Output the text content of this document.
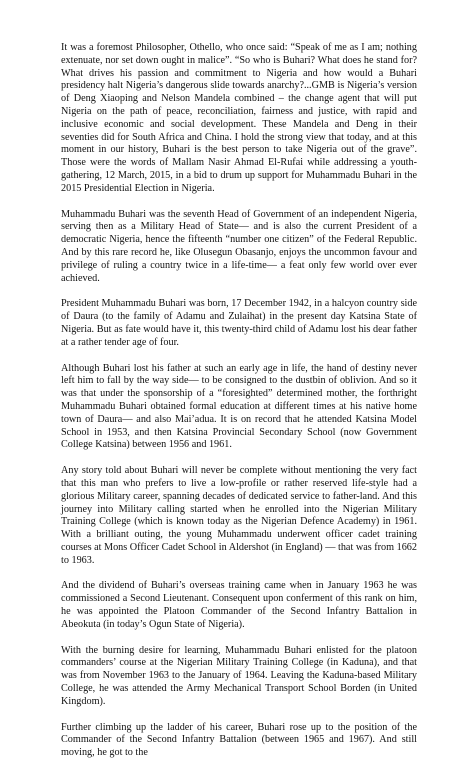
It was a foremost Philosopher, Othello, who once said: “Speak of me as I am; nothing extenuate, nor set down ought in malice”. “So who is Buhari? What does he stand for? What drives his passion and commitment to Nigeria and how would a Buhari presidency halt Nigeria’s dangerous slide towards anarchy?...GMB is Nigeria’s version of Deng Xiaoping and Nelson Mandela combined – the change agent that will put Nigeria on the path of peace, reconciliation, fairness and justice, with rapid and inclusive economic and social development. These Mandela and Deng in their seventies did for South Africa and China. I hold the strong view that today, and at this moment in our history, Buhari is the best person to take Nigeria out of the grave”. Those were the words of Mallam Nasir Ahmad El-Rufai while addressing a youth-gathering, 12 March, 2015, in a bid to drum up support for Muhammadu Buhari in the 2015 Presidential Election in Nigeria.

Muhammadu Buhari was the seventh Head of Government of an independent Nigeria, serving then as a Military Head of State— and is also the current President of a democratic Nigeria, hence the fifteenth “number one citizen” of the Federal Republic. And by this rare record he, like Olusegun Obasanjo, enjoys the uncommon favour and privilege of ruling a country twice in a life-time— a feat only few world over ever achieved.

President Muhammadu Buhari was born, 17 December 1942, in a halcyon country side of Daura (to the family of Adamu and Zulaihat) in the present day Katsina State of Nigeria. But as fate would have it, this twenty-third child of Adamu lost his dear father at a rather tender age of four.

Although Buhari lost his father at such an early age in life, the hand of destiny never left him to fall by the way side— to be consigned to the dustbin of oblivion. And so it was that under the sponsorship of a “foresighted” determined mother, the forthright Muhammadu Buhari obtained formal education at different times at his native home town of Daura— and also Mai’adua. It is on record that he attended Katsina Model School in 1953, and then Katsina Provincial Secondary School (now Government College Katsina) between 1956 and 1961.

Any story told about Buhari will never be complete without mentioning the very fact that this man who prefers to live a low-profile or rather reserved life-style had a glorious Military career, spanning decades of dedicated service to father-land. And this journey into Military calling started when he enrolled into the Nigerian Military Training College (which is known today as the Nigerian Defence Academy) in 1961. With a brilliant outing, the young Muhammadu underwent officer cadet training courses at Mons Officer Cadet School in Aldershot (in England) — that was from 1662 to 1963.

And the dividend of Buhari’s overseas training came when in January 1963 he was commissioned a Second Lieutenant. Consequent upon conferment of this rank on him, he was appointed the Platoon Commander of the Second Infantry Battalion in Abeokuta (in today’s Ogun State of Nigeria).

With the burning desire for learning, Muhammadu Buhari enlisted for the platoon commanders’ course at the Nigerian Military Training College (in Kaduna), and that was from November 1963 to the January of 1964. Leaving the Kaduna-based Military College, he was attended the Army Mechanical Transport School Borden (in United Kingdom).

Further climbing up the ladder of his career, Buhari rose up to the position of the Commander of the Second Infantry Battalion (between 1965 and 1967). And still moving, he got to the
